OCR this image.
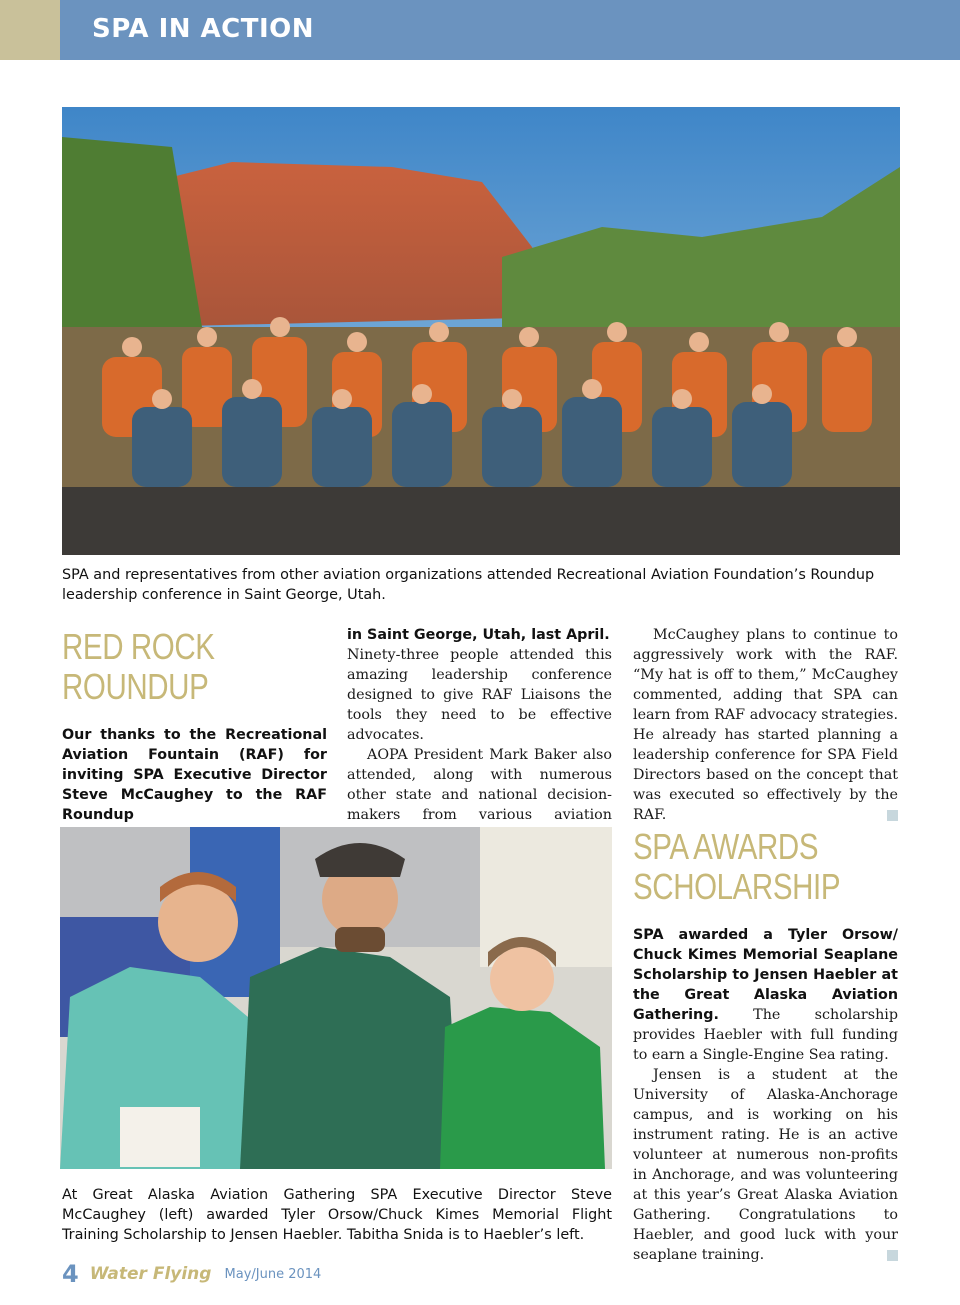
SPA IN ACTION
SPA and representatives from other aviation organizations attended Recreational Aviation Foundation’s Roundup leadership conference in Saint George, Utah.
RED ROCK
ROUNDUP
Our thanks to the Recreational Aviation Fountain (RAF) for inviting SPA Executive Director Steve McCaughey to the RAF Roundup
in Saint George, Utah, last April.
Ninety-three people attended this amazing leadership conference designed to give RAF Liaisons the tools they need to be effective advocates.
AOPA President Mark Baker also attended, along with numerous other state and national decision-makers from various aviation
McCaughey plans to continue to aggressively work with the RAF. “My hat is off to them,” McCaughey commented, adding that SPA can learn from RAF advocacy strategies. He already has started planning a leadership conference for SPA Field Directors based on the concept that was executed so effectively by the RAF.
At Great Alaska Aviation Gathering SPA Executive Director Steve McCaughey (left) awarded Tyler Orsow/Chuck Kimes Memorial Flight Training Scholarship to Jensen Haebler. Tabitha Snida is to Haebler’s left.
SPA AWARDS
SCHOLARSHIP
SPA awarded a Tyler Orsow/ Chuck Kimes Memorial Seaplane Scholarship to Jensen Haebler at the Great Alaska Aviation Gathering. The scholarship provides Haebler with full funding to earn a Single-Engine Sea rating.
Jensen is a student at the University of Alaska-Anchorage campus, and is working on his instrument rating. He is an active volunteer at numerous non-profits in Anchorage, and was volunteering at this year’s Great Alaska Aviation Gathering. Congratulations to Haebler, and good luck with your seaplane training.
4 Water Flying May/June 2014
